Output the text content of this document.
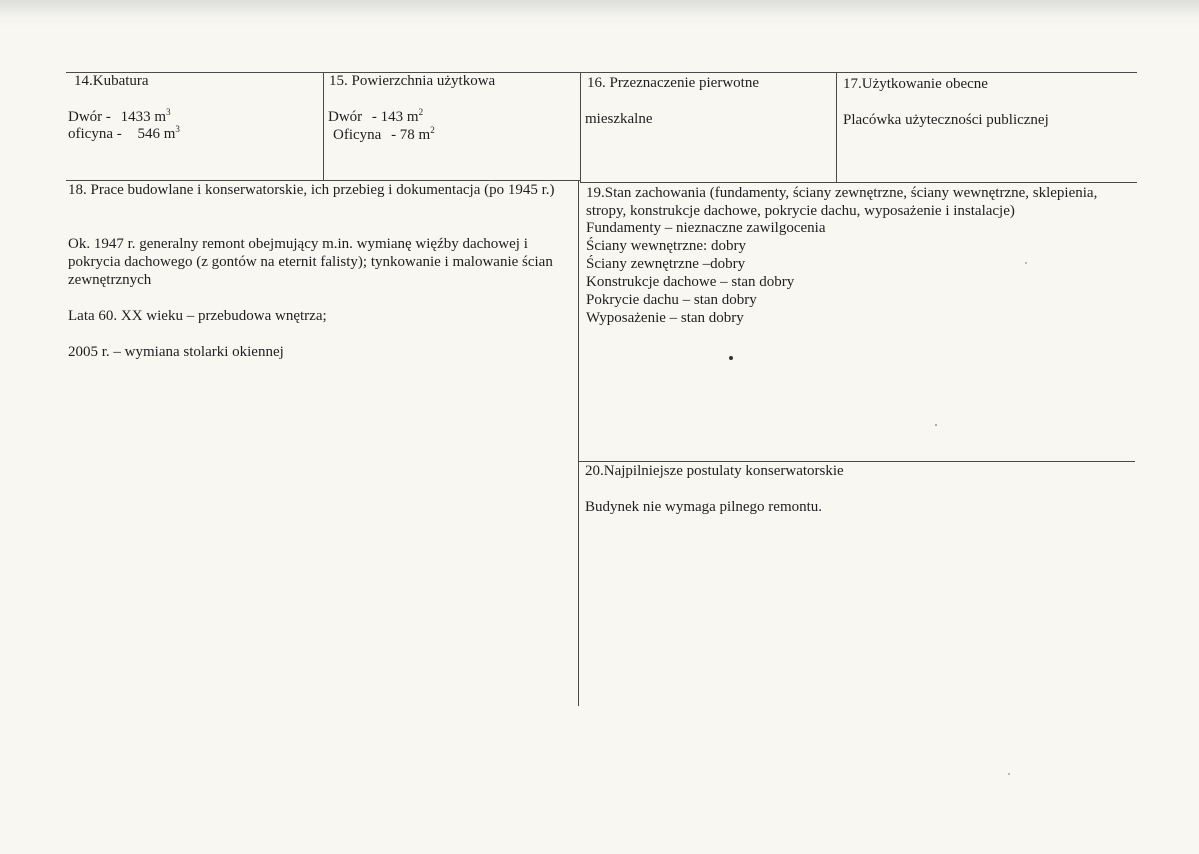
14.Kubatura
Dwór - 1433 $m^3$
oficyna - 546 $m^3$
15. Powierzchnia użytkowa
Dwór - 143 $m^2$
Oficyna - 78 $m^2$
16. Przeznaczenie pierwotne
mieszkalne
17.Użytkowanie obecne
Placówka użyteczności publicznej
18. Prace budowlane i konserwatorskie, ich przebieg i dokumentacja (po 1945 r.)
Ok. 1947 r. generalny remont obejmujący m.in. wymianę więźby dachowej i pokrycia dachowego (z gontów na eternit falisty); tynkowanie i malowanie ścian zewnętrznych
Lata 60. XX wieku – przebudowa wnętrza;
2005 r. – wymiana stolarki okiennej
19.Stan zachowania (fundamenty, ściany zewnętrzne, ściany wewnętrzne, sklepienia, stropy, konstrukcje dachowe, pokrycie dachu, wyposażenie i instalacje)
Fundamenty – nieznaczne zawilgocenia
Ściany wewnętrzne: dobry
Ściany zewnętrzne –dobry
Konstrukcje dachowe – stan dobry
Pokrycie dachu – stan dobry
Wyposażenie – stan dobry
20.Najpilniejsze postulaty konserwatorskie
Budynek nie wymaga pilnego remontu.
